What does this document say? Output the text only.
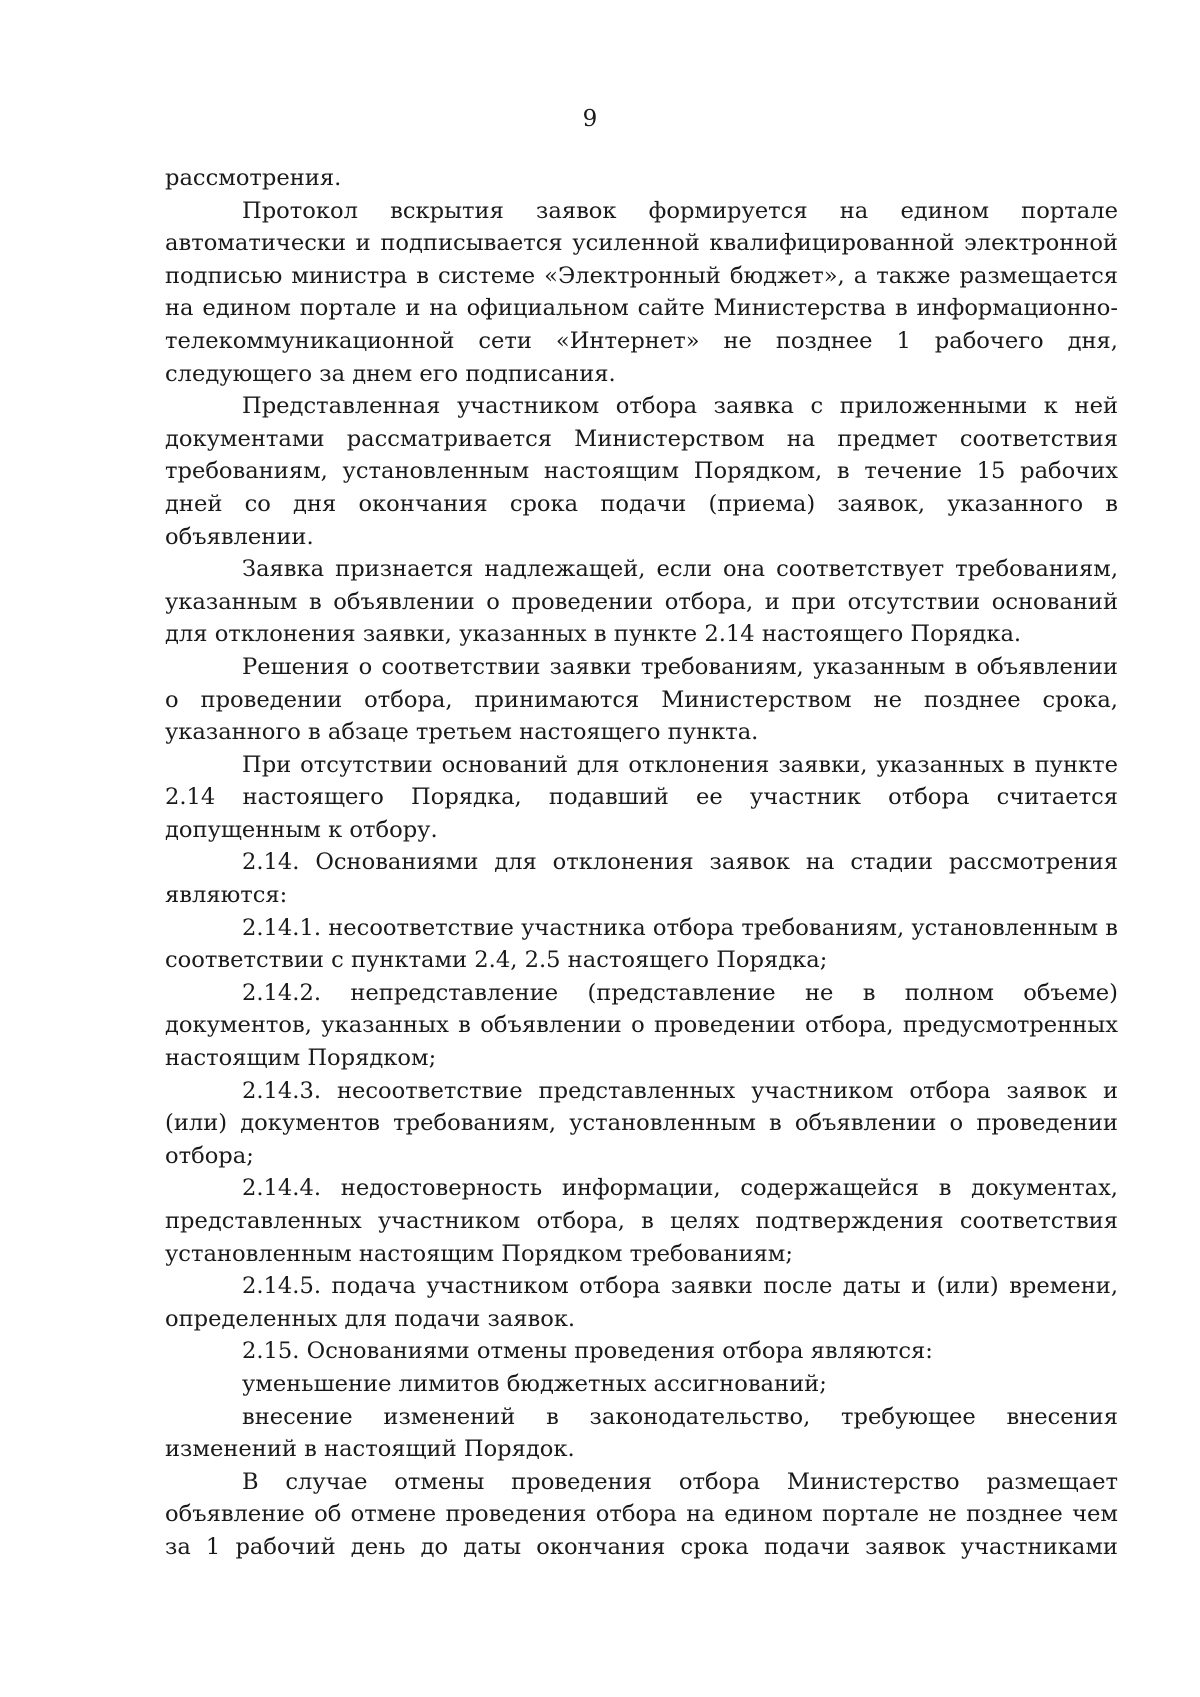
9

рассмотрения.

Протокол вскрытия заявок формируется на едином портале автоматически и подписывается усиленной квалифицированной электронной подписью министра в системе «Электронный бюджет», а также размещается на едином портале и на официальном сайте Министерства в информационно-телекоммуникационной сети «Интернет» не позднее 1 рабочего дня, следующего за днем его подписания.

Представленная участником отбора заявка с приложенными к ней документами рассматривается Министерством на предмет соответствия требованиям, установленным настоящим Порядком, в течение 15 рабочих дней со дня окончания срока подачи (приема) заявок, указанного в объявлении.

Заявка признается надлежащей, если она соответствует требованиям, указанным в объявлении о проведении отбора, и при отсутствии оснований для отклонения заявки, указанных в пункте 2.14 настоящего Порядка.

Решения о соответствии заявки требованиям, указанным в объявлении о проведении отбора, принимаются Министерством не позднее срока, указанного в абзаце третьем настоящего пункта.

При отсутствии оснований для отклонения заявки, указанных в пункте 2.14 настоящего Порядка, подавший ее участник отбора считается допущенным к отбору.

2.14. Основаниями для отклонения заявок на стадии рассмотрения являются:

2.14.1. несоответствие участника отбора требованиям, установленным в соответствии с пунктами 2.4, 2.5 настоящего Порядка;

2.14.2. непредставление (представление не в полном объеме) документов, указанных в объявлении о проведении отбора, предусмотренных настоящим Порядком;

2.14.3. несоответствие представленных участником отбора заявок и (или) документов требованиям, установленным в объявлении о проведении отбора;

2.14.4. недостоверность информации, содержащейся в документах, представленных участником отбора, в целях подтверждения соответствия установленным настоящим Порядком требованиям;

2.14.5. подача участником отбора заявки после даты и (или) времени, определенных для подачи заявок.

2.15. Основаниями отмены проведения отбора являются:

уменьшение лимитов бюджетных ассигнований;

внесение изменений в законодательство, требующее внесения изменений в настоящий Порядок.

В случае отмены проведения отбора Министерство размещает объявление об отмене проведения отбора на едином портале не позднее чем за 1 рабочий день до даты окончания срока подачи заявок участниками
